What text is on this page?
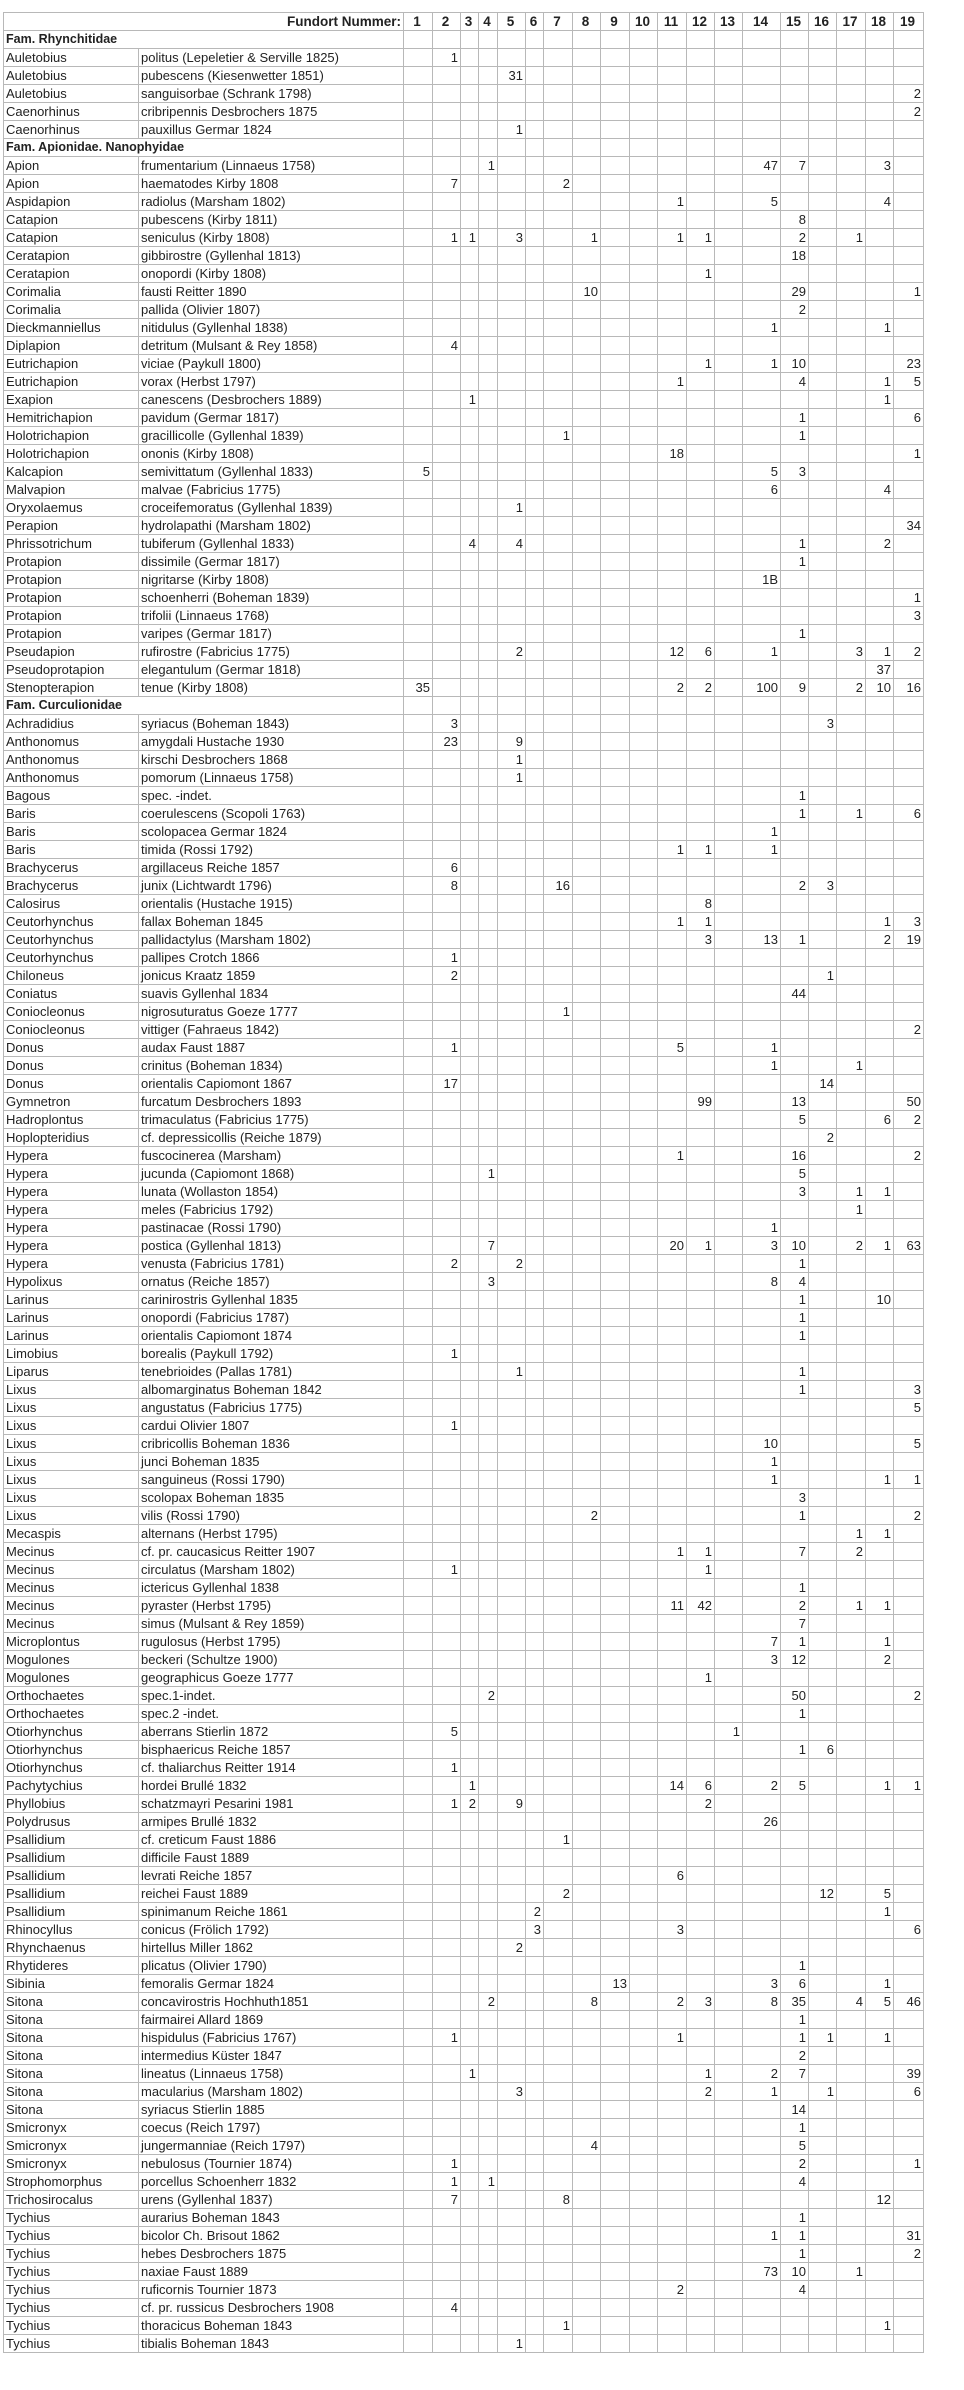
Fundort Nummer:		1	2	3	4	5	6	7	8	9	10	11	12	13	14	15	16	17	18	19
Fam. Rhynchitidae																				
Auletobius	politus (Lepeletier & Serville 1825)		1																	
Auletobius	pubescens (Kiesenwetter 1851)					31														
Auletobius	sanguisorbae (Schrank 1798)																			2
Caenorhinus	cribripennis Desbrochers 1875																			2
Caenorhinus	pauxillus Germar 1824					1														
Fam. Apionidae. Nanophyidae																				
Apion	frumentarium (Linnaeus 1758)				1										47	7			3	
Apion	haematodes Kirby 1808		7					2												
Aspidapion	radiolus (Marsham 1802)											1			5				4	
Catapion	pubescens (Kirby 1811)															8				
Catapion	seniculus (Kirby 1808)		1	1		3			1			1	1			2		1		
Ceratapion	gibbirostre (Gyllenhal 1813)															18				
Ceratapion	onopordi (Kirby 1808)												1							
Corimalia	fausti Reitter 1890								10							29				1
Corimalia	pallida (Olivier 1807)															2				
Dieckmanniellus	nitidulus (Gyllenhal 1838)														1				1	
Diplapion	detritum (Mulsant & Rey 1858)		4																	
Eutrichapion	viciae (Paykull 1800)												1		1	10				23
Eutrichapion	vorax (Herbst 1797)											1				4			1	5
Exapion	canescens (Desbrochers 1889)			1															1	
Hemitrichapion	pavidum (Germar 1817)															1				6
Holotrichapion	gracillicolle (Gyllenhal 1839)							1								1				
Holotrichapion	ononis (Kirby 1808)											18								1
Kalcapion	semivittatum (Gyllenhal 1833)	5													5	3				
Malvapion	malvae (Fabricius 1775)														6				4	
Oryxolaemus	croceifemoratus (Gyllenhal 1839)					1														
Perapion	hydrolapathi (Marsham 1802)																			34
Phrissotrichum	tubiferum (Gyllenhal 1833)			4		4										1			2	
Protapion	dissimile (Germar 1817)															1				
Protapion	nigritarse (Kirby 1808)														1B					
Protapion	schoenherri (Boheman 1839)																			1
Protapion	trifolii (Linnaeus 1768)																			3
Protapion	varipes (Germar 1817)															1				
Pseudapion	rufirostre (Fabricius 1775)					2						12	6		1			3	1	2
Pseudoprotapion	elegantulum (Germar 1818)																		37	
Stenopterapion	tenue (Kirby 1808)	35										2	2		100	9		2	10	16
Fam. Curculionidae																				
Achradidius	syriacus (Boheman 1843)		3														3			
Anthonomus	amygdali Hustache 1930		23			9														
Anthonomus	kirschi Desbrochers 1868					1														
Anthonomus	pomorum (Linnaeus 1758)					1														
Bagous	spec. -indet.															1				
Baris	coerulescens (Scopoli 1763)															1		1		6
Baris	scolopacea Germar 1824														1					
Baris	timida (Rossi 1792)											1	1		1					
Brachycerus	argillaceus Reiche 1857		6																	
Brachycerus	junix (Lichtwardt 1796)		8					16								2	3			
Calosirus	orientalis (Hustache 1915)												8							
Ceutorhynchus	fallax Boheman 1845											1	1						1	3
Ceutorhynchus	pallidactylus (Marsham 1802)												3		13	1			2	19
Ceutorhynchus	pallipes Crotch 1866		1																	
Chiloneus	jonicus Kraatz 1859		2														1			
Coniatus	suavis Gyllenhal 1834															44				
Coniocleonus	nigrosuturatus Goeze 1777							1												
Coniocleonus	vittiger (Fahraeus 1842)																			2
Donus	audax Faust 1887		1									5			1					
Donus	crinitus (Boheman 1834)														1			1		
Donus	orientalis Capiomont 1867		17														14			
Gymnetron	furcatum Desbrochers 1893												99			13				50
Hadroplontus	trimaculatus (Fabricius 1775)															5			6	2
Hoplopteridius	cf. depressicollis (Reiche 1879)																2			
Hypera	fuscocinerea (Marsham)											1				16				2
Hypera	jucunda (Capiomont 1868)				1											5				
Hypera	lunata (Wollaston 1854)															3		1	1	
Hypera	meles (Fabricius 1792)																	1		
Hypera	pastinacae (Rossi 1790)														1					
Hypera	postica (Gyllenhal 1813)				7							20	1		3	10		2	1	63
Hypera	venusta (Fabricius 1781)		2			2										1				
Hypolixus	ornatus (Reiche 1857)				3										8	4				
Larinus	carinirostris Gyllenhal 1835															1			10	
Larinus	onopordi (Fabricius 1787)															1				
Larinus	orientalis Capiomont 1874															1				
Limobius	borealis (Paykull 1792)		1																	
Liparus	tenebrioides (Pallas 1781)					1										1				
Lixus	albomarginatus Boheman 1842															1				3
Lixus	angustatus (Fabricius 1775)																			5
Lixus	cardui Olivier 1807		1																	
Lixus	cribricollis Boheman 1836														10					5
Lixus	junci Boheman 1835														1					
Lixus	sanguineus (Rossi 1790)														1				1	1
Lixus	scolopax Boheman 1835															3				
Lixus	vilis (Rossi 1790)								2							1				2
Mecaspis	alternans (Herbst 1795)																	1	1	
Mecinus	cf. pr. caucasicus Reitter 1907											1	1			7		2		
Mecinus	circulatus (Marsham 1802)		1										1							
Mecinus	ictericus Gyllenhal 1838															1				
Mecinus	pyraster (Herbst 1795)											11	42			2		1	1	
Mecinus	simus (Mulsant & Rey 1859)															7				
Microplontus	rugulosus (Herbst 1795)														7	1			1	
Mogulones	beckeri (Schultze 1900)														3	12			2	
Mogulones	geographicus Goeze 1777												1							
Orthochaetes	spec.1-indet.				2											50				2
Orthochaetes	spec.2 -indet.															1				
Otiorhynchus	aberrans Stierlin 1872		5											1						
Otiorhynchus	bisphaericus Reiche 1857															1	6			
Otiorhynchus	cf. thaliarchus Reitter 1914		1																	
Pachytychius	hordei Brullé 1832			1								14	6		2	5			1	1
Phyllobius	schatzmayri Pesarini 1981		1	2		9							2							
Polydrusus	armipes Brullé 1832														26					
Psallidium	cf. creticum Faust 1886							1												
Psallidium	difficile Faust 1889																			
Psallidium	levrati Reiche 1857											6								
Psallidium	reichei Faust 1889							2									12		5	
Psallidium	spinimanum Reiche 1861						2												1	
Rhinocyllus	conicus (Frölich 1792)						3					3								6
Rhynchaenus	hirtellus Miller 1862					2														
Rhytideres	plicatus (Olivier 1790)															1				
Sibinia	femoralis Germar 1824									13					3	6			1	
Sitona	concavirostris Hochhuth1851				2				8			2	3		8	35		4	5	46
Sitona	fairmairei Allard 1869															1				
Sitona	hispidulus (Fabricius 1767)		1									1				1	1		1	
Sitona	intermedius Küster 1847															2				
Sitona	lineatus (Linnaeus 1758)			1									1		2	7				39
Sitona	macularius (Marsham 1802)					3							2		1		1			6
Sitona	syriacus Stierlin 1885															14				
Smicronyx	coecus (Reich 1797)															1				
Smicronyx	jungermanniae (Reich 1797)								4							5				
Smicronyx	nebulosus (Tournier 1874)		1													2				1
Strophomorphus	porcellus Schoenherr 1832		1		1											4				
Trichosirocalus	urens (Gyllenhal 1837)		7					8											12	
Tychius	aurarius Boheman 1843															1				
Tychius	bicolor Ch. Brisout 1862														1	1				31
Tychius	hebes Desbrochers 1875															1				2
Tychius	naxiae Faust 1889														73	10		1		
Tychius	ruficornis Tournier 1873											2				4				
Tychius	cf. pr. russicus Desbrochers 1908		4																	
Tychius	thoracicus Boheman 1843							1											1	
Tychius	tibialis Boheman 1843					1														
